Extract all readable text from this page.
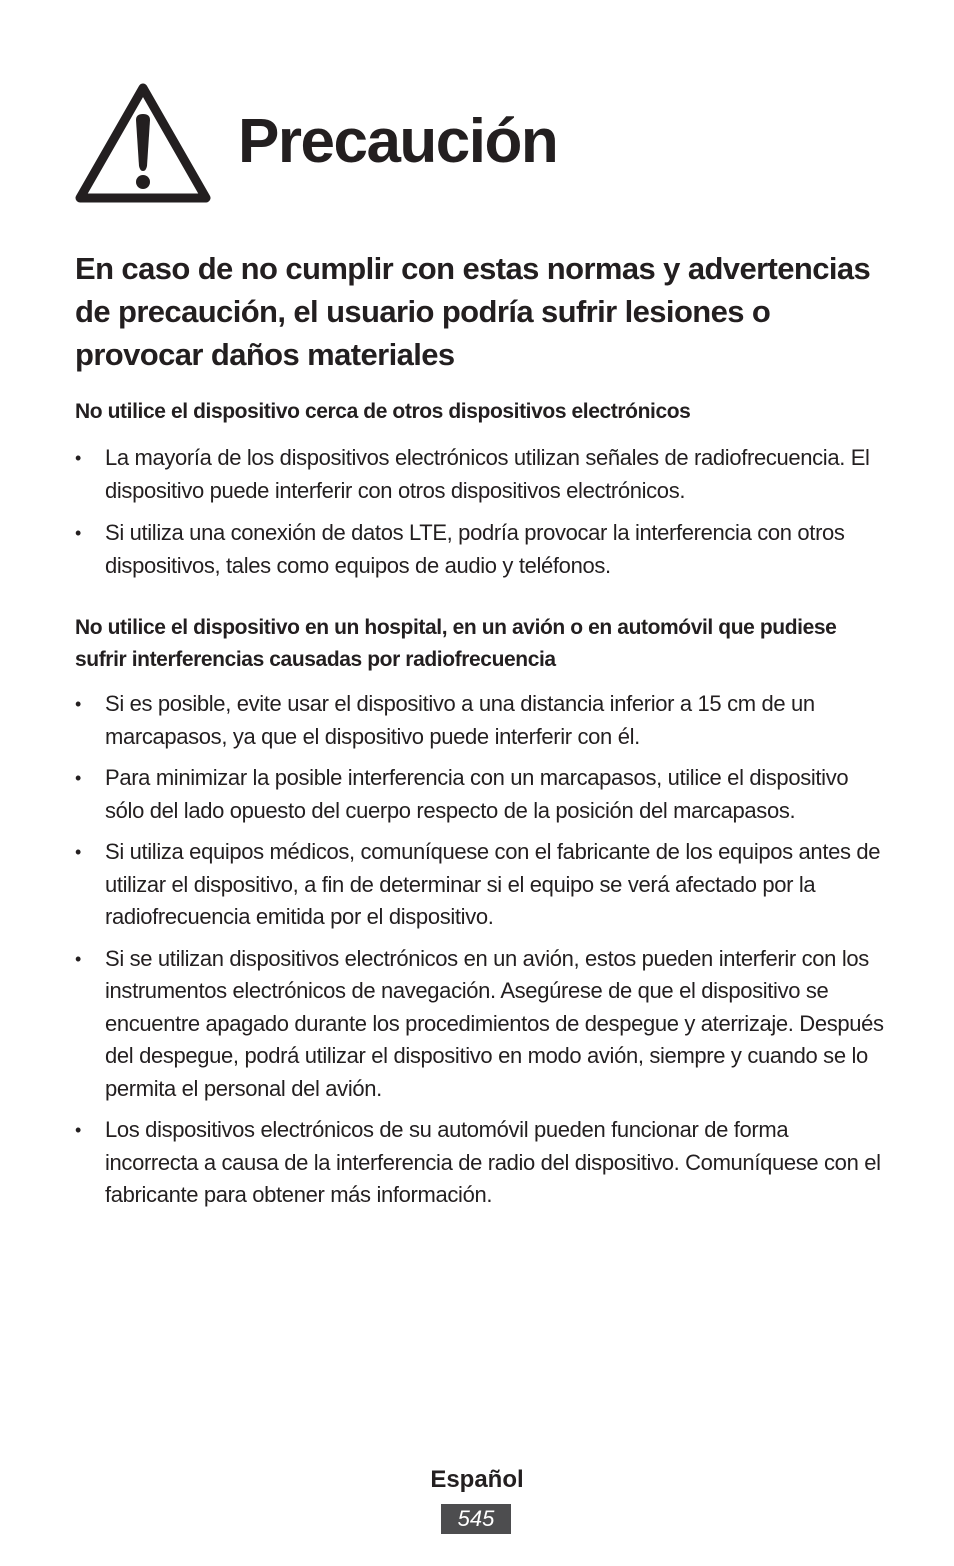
Precaución
En caso de no cumplir con estas normas y advertencias de precaución, el usuario podría sufrir lesiones o provocar daños materiales
No utilice el dispositivo cerca de otros dispositivos electrónicos
• La mayoría de los dispositivos electrónicos utilizan señales de radiofrecuencia. El dispositivo puede interferir con otros dispositivos electrónicos.
• Si utiliza una conexión de datos LTE, podría provocar la interferencia con otros dispositivos, tales como equipos de audio y teléfonos.
No utilice el dispositivo en un hospital, en un avión o en automóvil que pudiese sufrir interferencias causadas por radiofrecuencia
• Si es posible, evite usar el dispositivo a una distancia inferior a 15 cm de un marcapasos, ya que el dispositivo puede interferir con él.
• Para minimizar la posible interferencia con un marcapasos, utilice el dispositivo sólo del lado opuesto del cuerpo respecto de la posición del marcapasos.
• Si utiliza equipos médicos, comuníquese con el fabricante de los equipos antes de utilizar el dispositivo, a fin de determinar si el equipo se verá afectado por la radiofrecuencia emitida por el dispositivo.
• Si se utilizan dispositivos electrónicos en un avión, estos pueden interferir con los instrumentos electrónicos de navegación. Asegúrese de que el dispositivo se encuentre apagado durante los procedimientos de despegue y aterrizaje. Después del despegue, podrá utilizar el dispositivo en modo avión, siempre y cuando se lo permita el personal del avión.
• Los dispositivos electrónicos de su automóvil pueden funcionar de forma incorrecta a causa de la interferencia de radio del dispositivo. Comuníquese con el fabricante para obtener más información.
Español
545
